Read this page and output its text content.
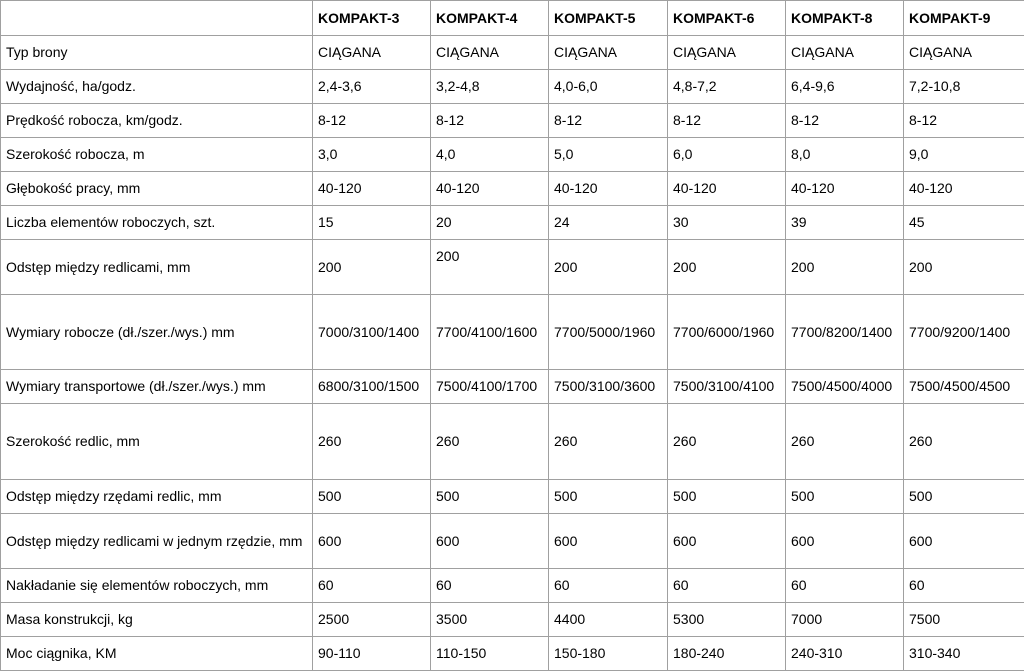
	KOMPAKT-3	KOMPAKT-4	KOMPAKT-5	KOMPAKT-6	KOMPAKT-8	KOMPAKT-9
Typ brony	CIĄGANA	CIĄGANA	CIĄGANA	CIĄGANA	CIĄGANA	CIĄGANA
Wydajność, ha/godz.	2,4-3,6	3,2-4,8	4,0-6,0	4,8-7,2	6,4-9,6	7,2-10,8
Prędkość robocza, km/godz.	8-12	8-12	8-12	8-12	8-12	8-12
Szerokość robocza, m	3,0	4,0	5,0	6,0	8,0	9,0
Głębokość pracy, mm	40-120	40-120	40-120	40-120	40-120	40-120
Liczba elementów roboczych, szt.	15	20	24	30	39	45
Odstęp między redlicami, mm	200	200	200	200	200	200
Wymiary robocze (dł./szer./wys.) mm	7000/3100/1400	7700/4100/1600	7700/5000/1960	7700/6000/1960	7700/8200/1400	7700/9200/1400
Wymiary transportowe (dł./szer./wys.) mm	6800/3100/1500	7500/4100/1700	7500/3100/3600	7500/3100/4100	7500/4500/4000	7500/4500/4500
Szerokość redlic, mm	260	260	260	260	260	260
Odstęp między rzędami redlic, mm	500	500	500	500	500	500
Odstęp między redlicami w jednym rzędzie, mm	600	600	600	600	600	600
Nakładanie się elementów roboczych, mm	60	60	60	60	60	60
Masa konstrukcji, kg	2500	3500	4400	5300	7000	7500
Moc ciągnika, KM	90-110	110-150	150-180	180-240	240-310	310-340
